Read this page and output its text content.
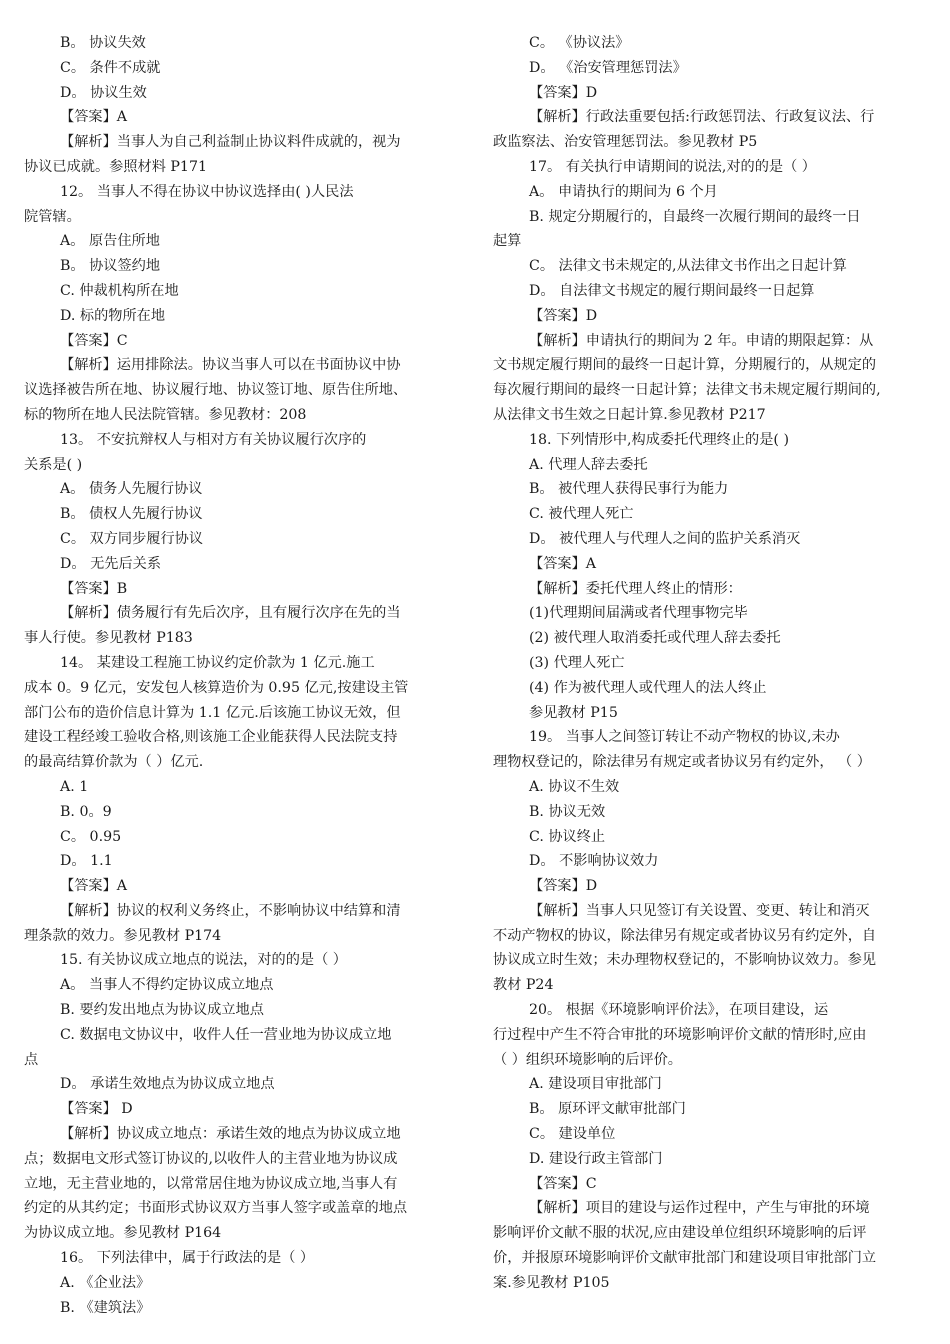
B。 协议失效
C。 条件不成就
D。 协议生效
【答案】A
【解析】当事人为自己利益制止协议料件成就的，视为
协议已成就。参照材料 P171
12。 当事人不得在协议中协议选择由( )人民法
院管辖。
A。 原告住所地
B。 协议签约地
C. 仲裁机构所在地
D. 标的物所在地
【答案】C
【解析】运用排除法。协议当事人可以在书面协议中协
议选择被告所在地、协议履行地、协议签订地、原告住所地、
标的物所在地人民法院管辖。参见教材：208
13。 不安抗辩权人与相对方有关协议履行次序的
关系是( )
A。 债务人先履行协议
B。 债权人先履行协议
C。 双方同步履行协议
D。 无先后关系
【答案】B
【解析】债务履行有先后次序，且有履行次序在先的当
事人行使。参见教材 P183
14。 某建设工程施工协议约定价款为 1 亿元.施工
成本 0。9 亿元，安发包人核算造价为 0.95 亿元,按建设主管
部门公布的造价信息计算为 1.1 亿元.后该施工协议无效，但
建设工程经竣工验收合格,则该施工企业能获得人民法院支持
的最高结算价款为（ ）亿元.
A. 1
B. 0。9
C。 0.95
D。 1.1
【答案】A
【解析】协议的权利义务终止，不影响协议中结算和清
理条款的效力。参见教材 P174
15. 有关协议成立地点的说法，对的的是（ ）
A。 当事人不得约定协议成立地点
B. 要约发出地点为协议成立地点
C. 数据电文协议中，收件人任一营业地为协议成立地
点
D。 承诺生效地点为协议成立地点
【答案】 D
【解析】协议成立地点：承诺生效的地点为协议成立地
点；数据电文形式签订协议的,以收件人的主营业地为协议成
立地，无主营业地的，以常常居住地为协议成立地,当事人有
约定的从其约定；书面形式协议双方当事人签字或盖章的地点
为协议成立地。参见教材 P164
16。 下列法律中，属于行政法的是（ ）
A. 《企业法》
B. 《建筑法》
C。 《协议法》
D。 《治安管理惩罚法》
【答案】D
【解析】行政法重要包括:行政惩罚法、行政复议法、行
政监察法、治安管理惩罚法。参见教材 P5
17。 有关执行申请期间的说法,对的的是（ ）
A。 申请执行的期间为 6 个月
B. 规定分期履行的，自最终一次履行期间的最终一日
起算
C。 法律文书未规定的,从法律文书作出之日起计算
D。 自法律文书规定的履行期间最终一日起算
【答案】D
【解析】申请执行的期间为 2 年。申请的期限起算：从
文书规定履行期间的最终一日起计算，分期履行的，从规定的
每次履行期间的最终一日起计算；法律文书未规定履行期间的,
从法律文书生效之日起计算.参见教材 P217
18. 下列情形中,构成委托代理终止的是( )
A. 代理人辞去委托
B。 被代理人获得民事行为能力
C. 被代理人死亡
D。 被代理人与代理人之间的监护关系消灭
【答案】A
【解析】委托代理人终止的情形：
(1)代理期间届满或者代理事物完毕
(2) 被代理人取消委托或代理人辞去委托
(3) 代理人死亡
(4) 作为被代理人或代理人的法人终止
参见教材 P15
19。 当事人之间签订转让不动产物权的协议,未办
理物权登记的，除法律另有规定或者协议另有约定外， （ ）
A. 协议不生效
B. 协议无效
C. 协议终止
D。 不影响协议效力
【答案】D
【解析】当事人只见签订有关设置、变更、转让和消灭
不动产物权的协议，除法律另有规定或者协议另有约定外，自
协议成立时生效；未办理物权登记的，不影响协议效力。参见
教材 P24
20。 根据《环境影响评价法》，在项目建设，运
行过程中产生不符合审批的环境影响评价文献的情形时,应由
（ ）组织环境影响的后评价。
A. 建设项目审批部门
B。 原环评文献审批部门
C。 建设单位
D. 建设行政主管部门
【答案】C
【解析】项目的建设与运作过程中，产生与审批的环境
影响评价文献不服的状况,应由建设单位组织环境影响的后评
价，并报原环境影响评价文献审批部门和建设项目审批部门立
案.参见教材 P105
